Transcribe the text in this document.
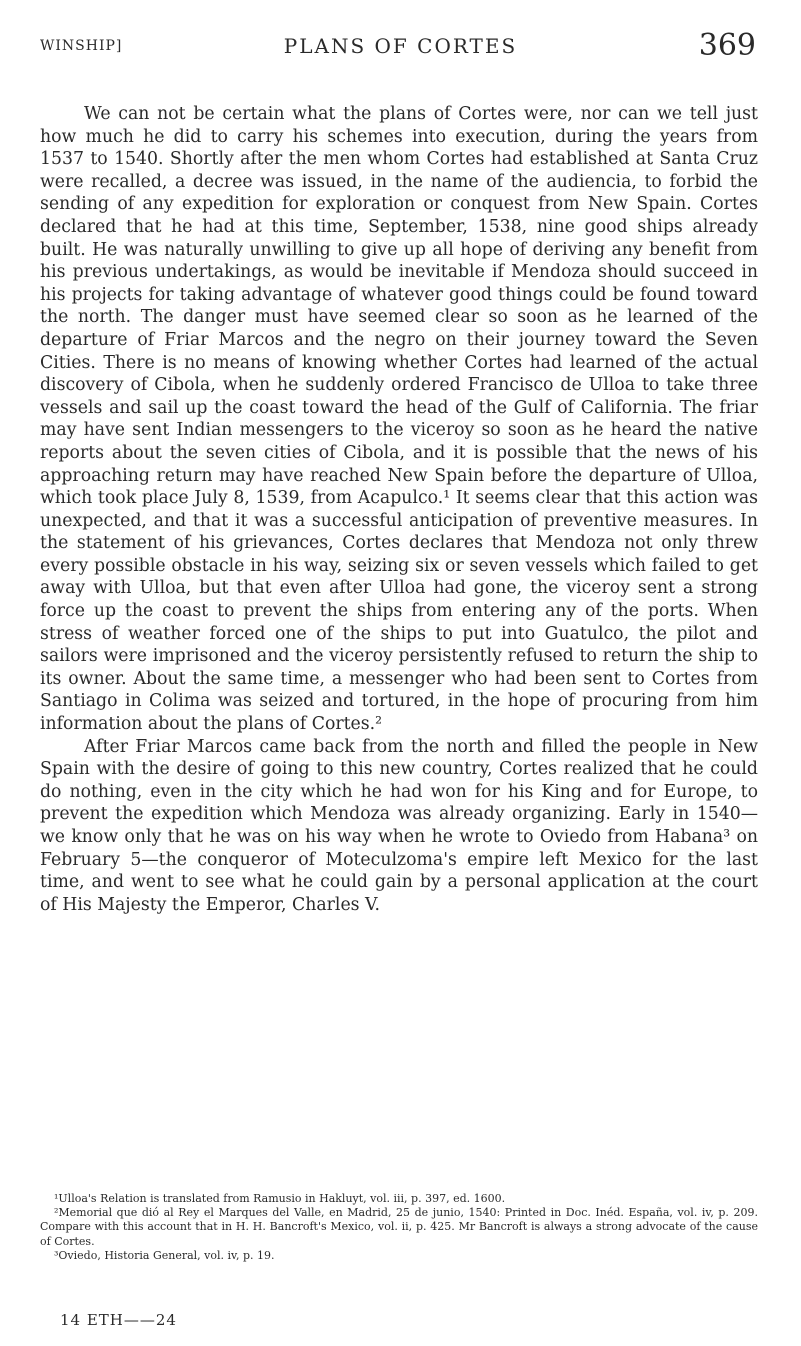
WINSHIP]	PLANS OF CORTES	369

We can not be certain what the plans of Cortes were, nor can we tell just how much he did to carry his schemes into execution, during the years from 1537 to 1540. Shortly after the men whom Cortes had established at Santa Cruz were recalled, a decree was issued, in the name of the audiencia, to forbid the sending of any expedition for exploration or conquest from New Spain. Cortes declared that he had at this time, September, 1538, nine good ships already built. He was naturally unwilling to give up all hope of deriving any benefit from his previous undertakings, as would be inevitable if Mendoza should succeed in his projects for taking advantage of whatever good things could be found toward the north. The danger must have seemed clear so soon as he learned of the departure of Friar Marcos and the negro on their journey toward the Seven Cities. There is no means of knowing whether Cortes had learned of the actual discovery of Cibola, when he suddenly ordered Francisco de Ulloa to take three vessels and sail up the coast toward the head of the Gulf of California. The friar may have sent Indian messengers to the viceroy so soon as he heard the native reports about the seven cities of Cibola, and it is possible that the news of his approaching return may have reached New Spain before the departure of Ulloa, which took place July 8, 1539, from Acapulco.¹ It seems clear that this action was unexpected, and that it was a successful anticipation of preventive measures. In the statement of his grievances, Cortes declares that Mendoza not only threw every possible obstacle in his way, seizing six or seven vessels which failed to get away with Ulloa, but that even after Ulloa had gone, the viceroy sent a strong force up the coast to prevent the ships from entering any of the ports. When stress of weather forced one of the ships to put into Guatulco, the pilot and sailors were imprisoned and the viceroy persistently refused to return the ship to its owner. About the same time, a messenger who had been sent to Cortes from Santiago in Colima was seized and tortured, in the hope of procuring from him information about the plans of Cortes.²

After Friar Marcos came back from the north and filled the people in New Spain with the desire of going to this new country, Cortes realized that he could do nothing, even in the city which he had won for his King and for Europe, to prevent the expedition which Mendoza was already organizing. Early in 1540—we know only that he was on his way when he wrote to Oviedo from Habana³ on February 5—the conqueror of Moteculzoma's empire left Mexico for the last time, and went to see what he could gain by a personal application at the court of His Majesty the Emperor, Charles V.

¹Ulloa's Relation is translated from Ramusio in Hakluyt, vol. iii, p. 397, ed. 1600.

²Memorial que dió al Rey el Marques del Valle, en Madrid, 25 de junio, 1540: Printed in Doc. Inéd. España, vol. iv, p. 209. Compare with this account that in H. H. Bancroft's Mexico, vol. ii, p. 425. Mr Bancroft is always a strong advocate of the cause of Cortes.

³Oviedo, Historia General, vol. iv, p. 19.

14 ETH——24
